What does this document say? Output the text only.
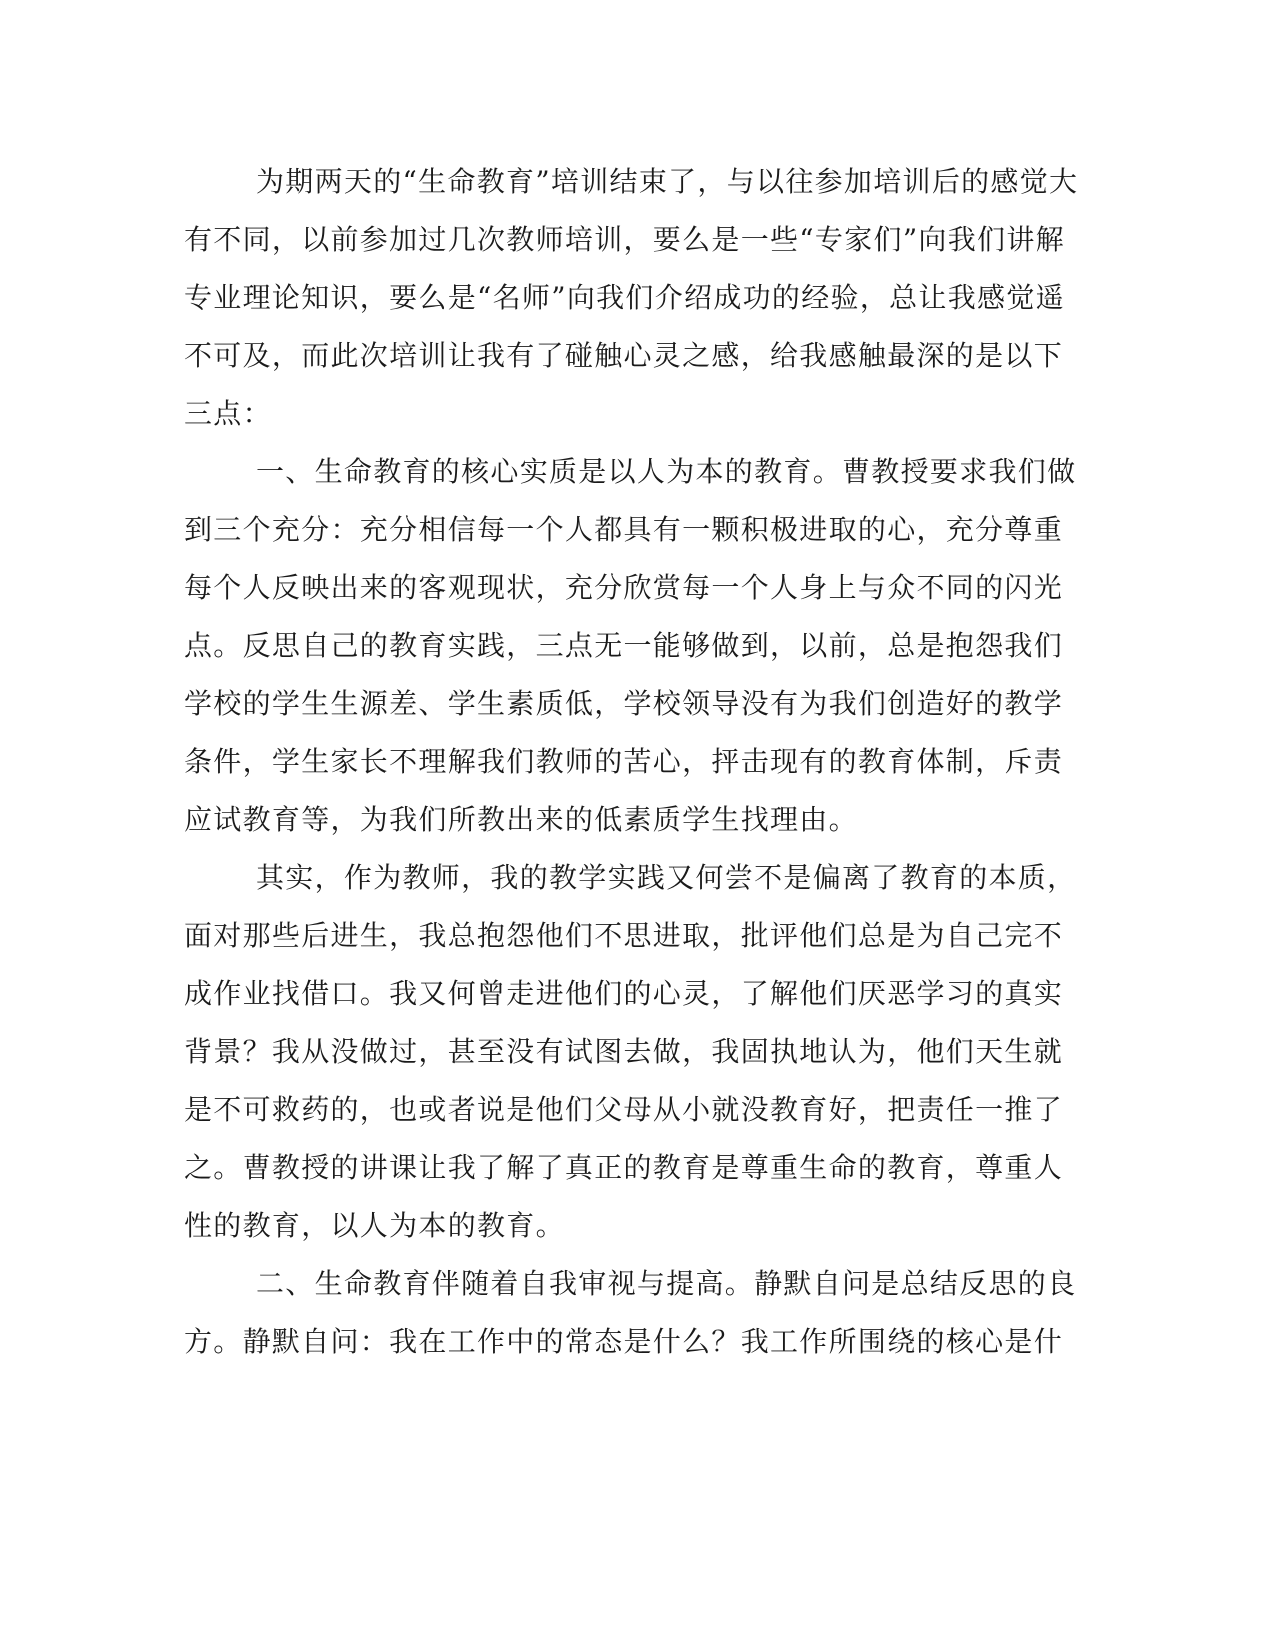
为期两天的“生命教育”培训结束了，与以往参加培训后的感觉大
有不同，以前参加过几次教师培训，要么是一些“专家们”向我们讲解
专业理论知识，要么是“名师”向我们介绍成功的经验，总让我感觉遥
不可及，而此次培训让我有了碰触心灵之感，给我感触最深的是以下
三点：
一、生命教育的核心实质是以人为本的教育。曹教授要求我们做
到三个充分：充分相信每一个人都具有一颗积极进取的心，充分尊重
每个人反映出来的客观现状，充分欣赏每一个人身上与众不同的闪光
点。反思自己的教育实践，三点无一能够做到，以前，总是抱怨我们
学校的学生生源差、学生素质低，学校领导没有为我们创造好的教学
条件，学生家长不理解我们教师的苦心，抨击现有的教育体制，斥责
应试教育等，为我们所教出来的低素质学生找理由。
其实，作为教师，我的教学实践又何尝不是偏离了教育的本质，
面对那些后进生，我总抱怨他们不思进取，批评他们总是为自己完不
成作业找借口。我又何曾走进他们的心灵，了解他们厌恶学习的真实
背景？我从没做过，甚至没有试图去做，我固执地认为，他们天生就
是不可救药的，也或者说是他们父母从小就没教育好，把责任一推了
之。曹教授的讲课让我了解了真正的教育是尊重生命的教育，尊重人
性的教育，以人为本的教育。
二、生命教育伴随着自我审视与提高。静默自问是总结反思的良
方。静默自问：我在工作中的常态是什么？我工作所围绕的核心是什
